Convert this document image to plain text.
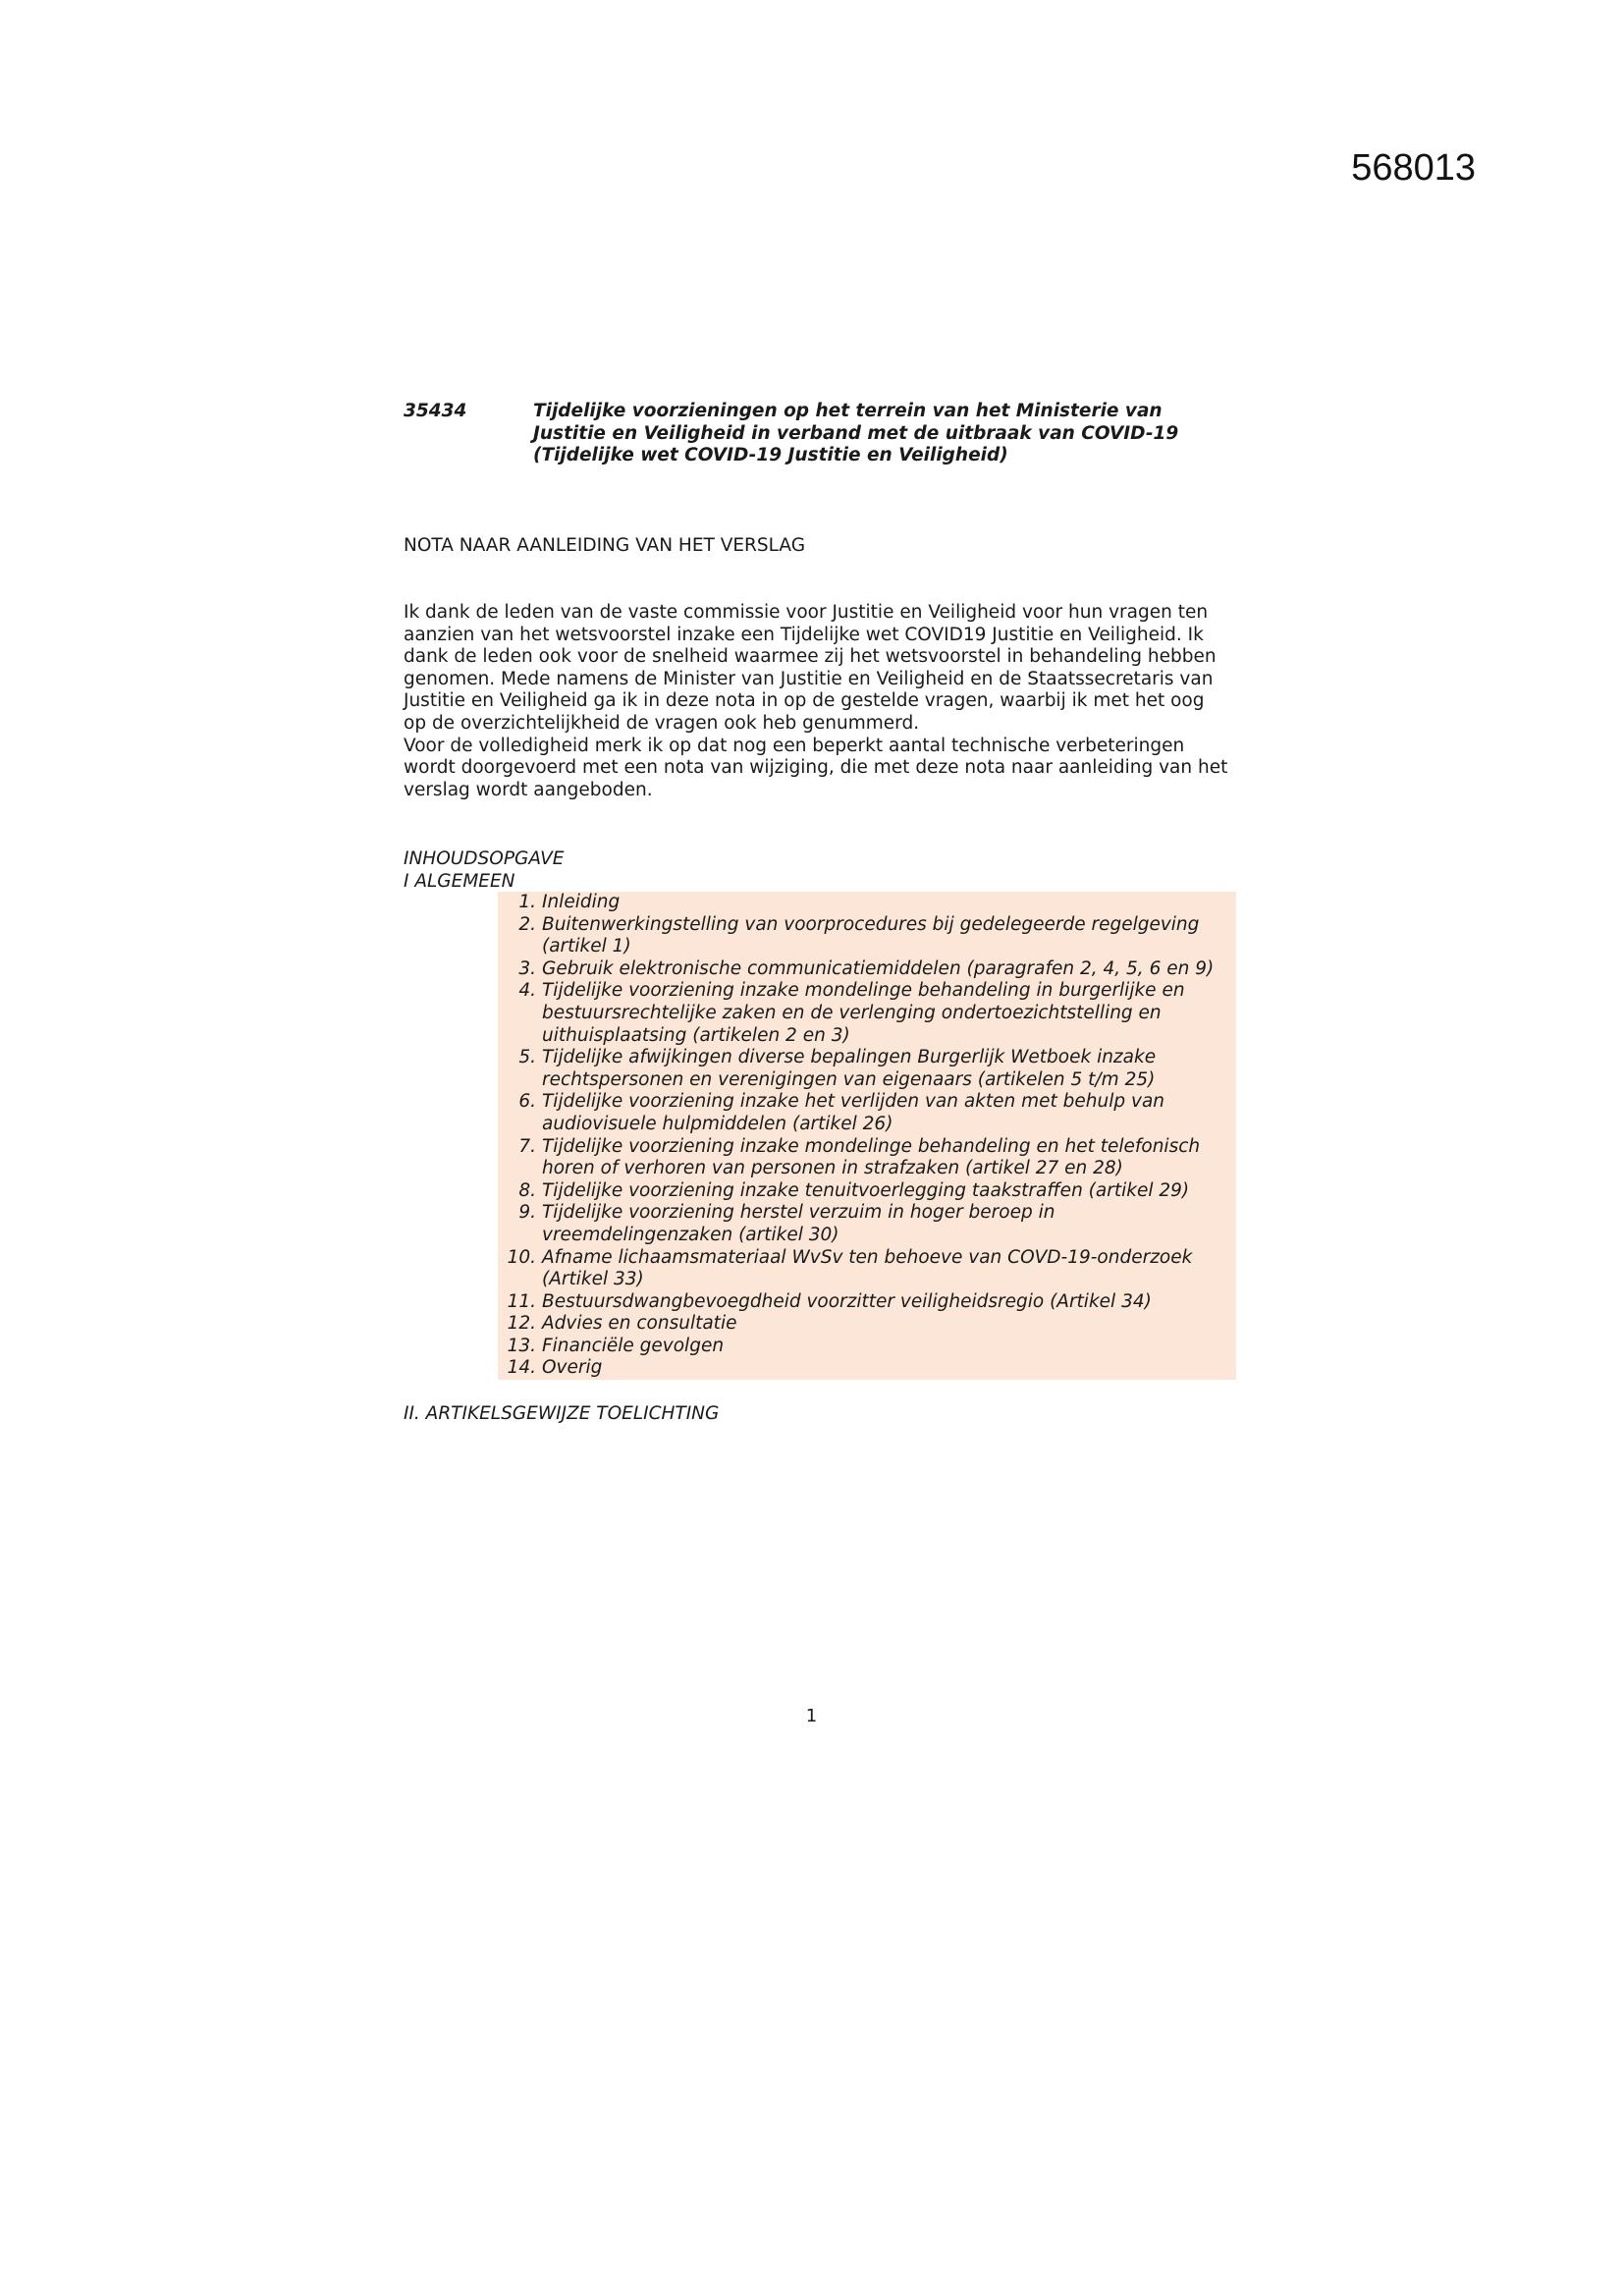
568013
35434	Tijdelijke voorzieningen op het terrein van het Ministerie van Justitie en Veiligheid in verband met de uitbraak van COVID-19 (Tijdelijke wet COVID-19 Justitie en Veiligheid)
NOTA NAAR AANLEIDING VAN HET VERSLAG

Ik dank de leden van de vaste commissie voor Justitie en Veiligheid voor hun vragen ten aanzien van het wetsvoorstel inzake een Tijdelijke wet COVID19 Justitie en Veiligheid. Ik dank de leden ook voor de snelheid waarmee zij het wetsvoorstel in behandeling hebben genomen. Mede namens de Minister van Justitie en Veiligheid en de Staatssecretaris van Justitie en Veiligheid ga ik in deze nota in op de gestelde vragen, waarbij ik met het oog op de overzichtelijkheid de vragen ook heb genummerd.

Voor de volledigheid merk ik op dat nog een beperkt aantal technische verbeteringen wordt doorgevoerd met een nota van wijziging, die met deze nota naar aanleiding van het verslag wordt aangeboden.

INHOUDSOPGAVE
I ALGEMEEN
1. Inleiding
2. Buitenwerkingstelling van voorprocedures bij gedelegeerde regelgeving (artikel 1)
3. Gebruik elektronische communicatiemiddelen (paragrafen 2, 4, 5, 6 en 9)
4. Tijdelijke voorziening inzake mondelinge behandeling in burgerlijke en bestuursrechtelijke zaken en de verlenging ondertoezichtstelling en uithuisplaatsing (artikelen 2 en 3)
5. Tijdelijke afwijkingen diverse bepalingen Burgerlijk Wetboek inzake rechtspersonen en verenigingen van eigenaars (artikelen 5 t/m 25)
6. Tijdelijke voorziening inzake het verlijden van akten met behulp van audiovisuele hulpmiddelen (artikel 26)
7. Tijdelijke voorziening inzake mondelinge behandeling en het telefonisch horen of verhoren van personen in strafzaken (artikel 27 en 28)
8. Tijdelijke voorziening inzake tenuitvoerlegging taakstraffen (artikel 29)
9. Tijdelijke voorziening herstel verzuim in hoger beroep in vreemdelingenzaken (artikel 30)
10. Afname lichaamsmateriaal WvSv ten behoeve van COVD-19-onderzoek (Artikel 33)
11. Bestuursdwangbevoegdheid voorzitter veiligheidsregio (Artikel 34)
12. Advies en consultatie
13. Financiële gevolgen
14. Overig
II. ARTIKELSGEWIJZE TOELICHTING
1
